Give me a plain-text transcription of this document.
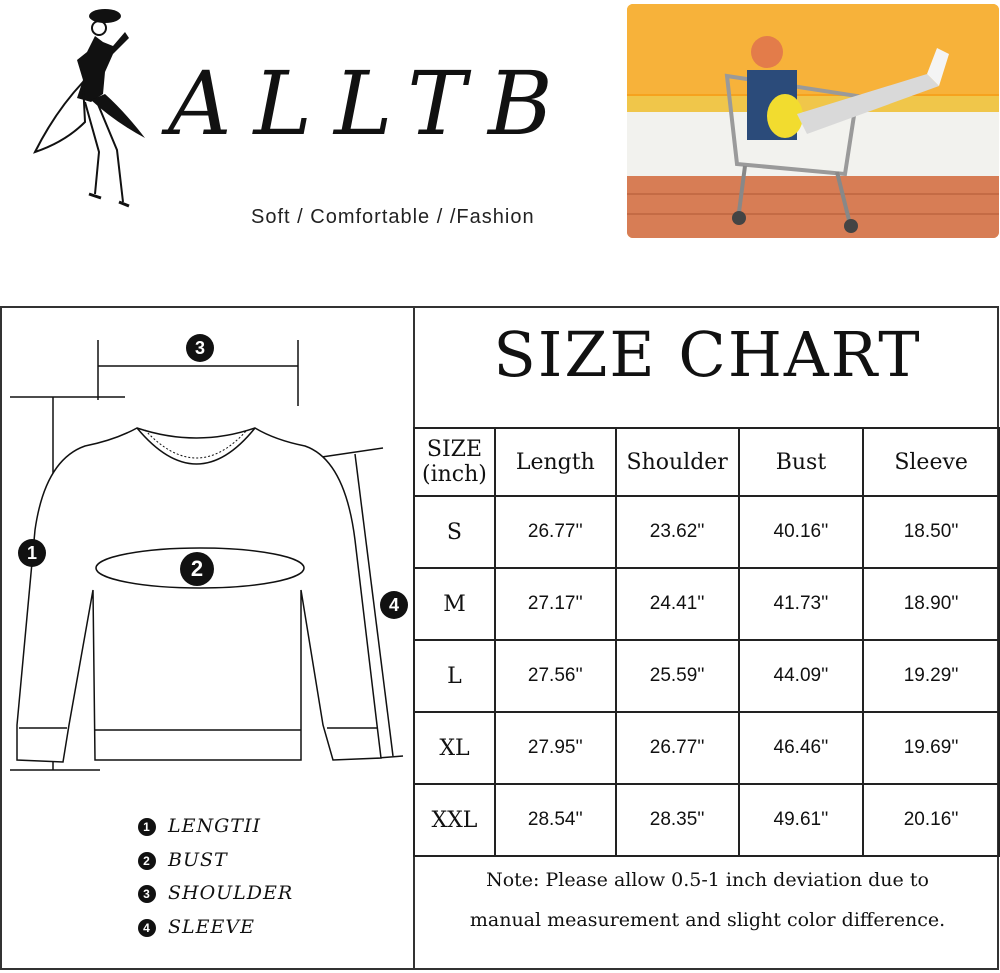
ALLTB
Soft / Comfortable / /Fashion
3
1
2
4
1 LENGTII
2 BUST
3 SHOULDER
4 SLEEVE
SIZE CHART
SIZE (inch)	Length	Shoulder	Bust	Sleeve
S	26.77''	23.62''	40.16''	18.50''
M	27.17''	24.41''	41.73''	18.90''
L	27.56''	25.59''	44.09''	19.29''
XL	27.95''	26.77''	46.46''	19.69''
XXL	28.54''	28.35''	49.61''	20.16''
Note: Please allow 0.5-1 inch deviation due to
manual measurement and slight color difference.
